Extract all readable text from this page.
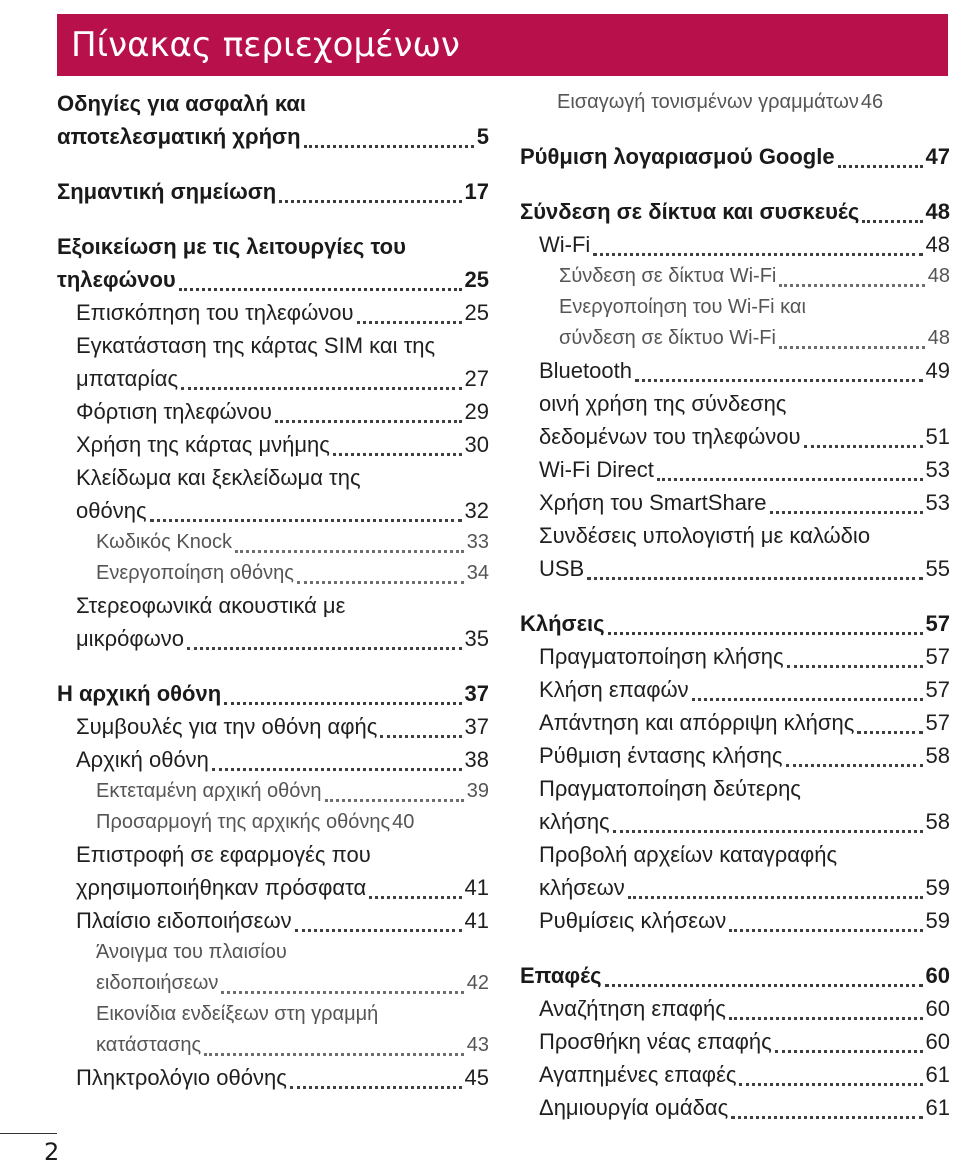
Πίνακας περιεχομένων
Οδηγίες για ασφαλή και
αποτελεσματική χρήση	5
Σημαντική σημείωση	17
Εξοικείωση με τις λειτουργίες του
τηλεφώνου	25
Επισκόπηση του τηλεφώνου	25
Εγκατάσταση της κάρτας SIM και της
μπαταρίας	27
Φόρτιση τηλεφώνου	29
Χρήση της κάρτας μνήμης	30
Κλείδωμα και ξεκλείδωμα της
οθόνης	32
Κωδικός Knock	33
Ενεργοποίηση οθόνης	34
Στερεοφωνικά ακουστικά με
μικρόφωνο	35
Η αρχική οθόνη	37
Συμβουλές για την οθόνη αφής	37
Αρχική οθόνη	38
Εκτεταμένη αρχική οθόνη	39
Προσαρμογή της αρχικής οθόνης 40
Επιστροφή σε εφαρμογές που
χρησιμοποιήθηκαν πρόσφατα	41
Πλαίσιο ειδοποιήσεων	41
Άνοιγμα του πλαισίου
ειδοποιήσεων	42
Εικονίδια ενδείξεων στη γραμμή
κατάστασης	43
Πληκτρολόγιο οθόνης	45
Εισαγωγή τονισμένων γραμμάτων 46
Ρύθμιση λογαριασμού Google	47
Σύνδεση σε δίκτυα και συσκευές	48
Wi-Fi	48
Σύνδεση σε δίκτυα Wi-Fi	48
Ενεργοποίηση του Wi-Fi και
σύνδεση σε δίκτυο Wi-Fi	48
Bluetooth	49
οινή χρήση της σύνδεσης
δεδομένων του τηλεφώνου	51
Wi-Fi Direct	53
Χρήση του SmartShare	53
Συνδέσεις υπολογιστή με καλώδιο
USB	55
Κλήσεις	57
Πραγματοποίηση κλήσης	57
Κλήση επαφών	57
Απάντηση και απόρριψη κλήσης	57
Ρύθμιση έντασης κλήσης	58
Πραγματοποίηση δεύτερης
κλήσης	58
Προβολή αρχείων καταγραφής
κλήσεων	59
Ρυθμίσεις κλήσεων	59
Επαφές	60
Αναζήτηση επαφής	60
Προσθήκη νέας επαφής	60
Αγαπημένες επαφές	61
Δημιουργία ομάδας	61
2
